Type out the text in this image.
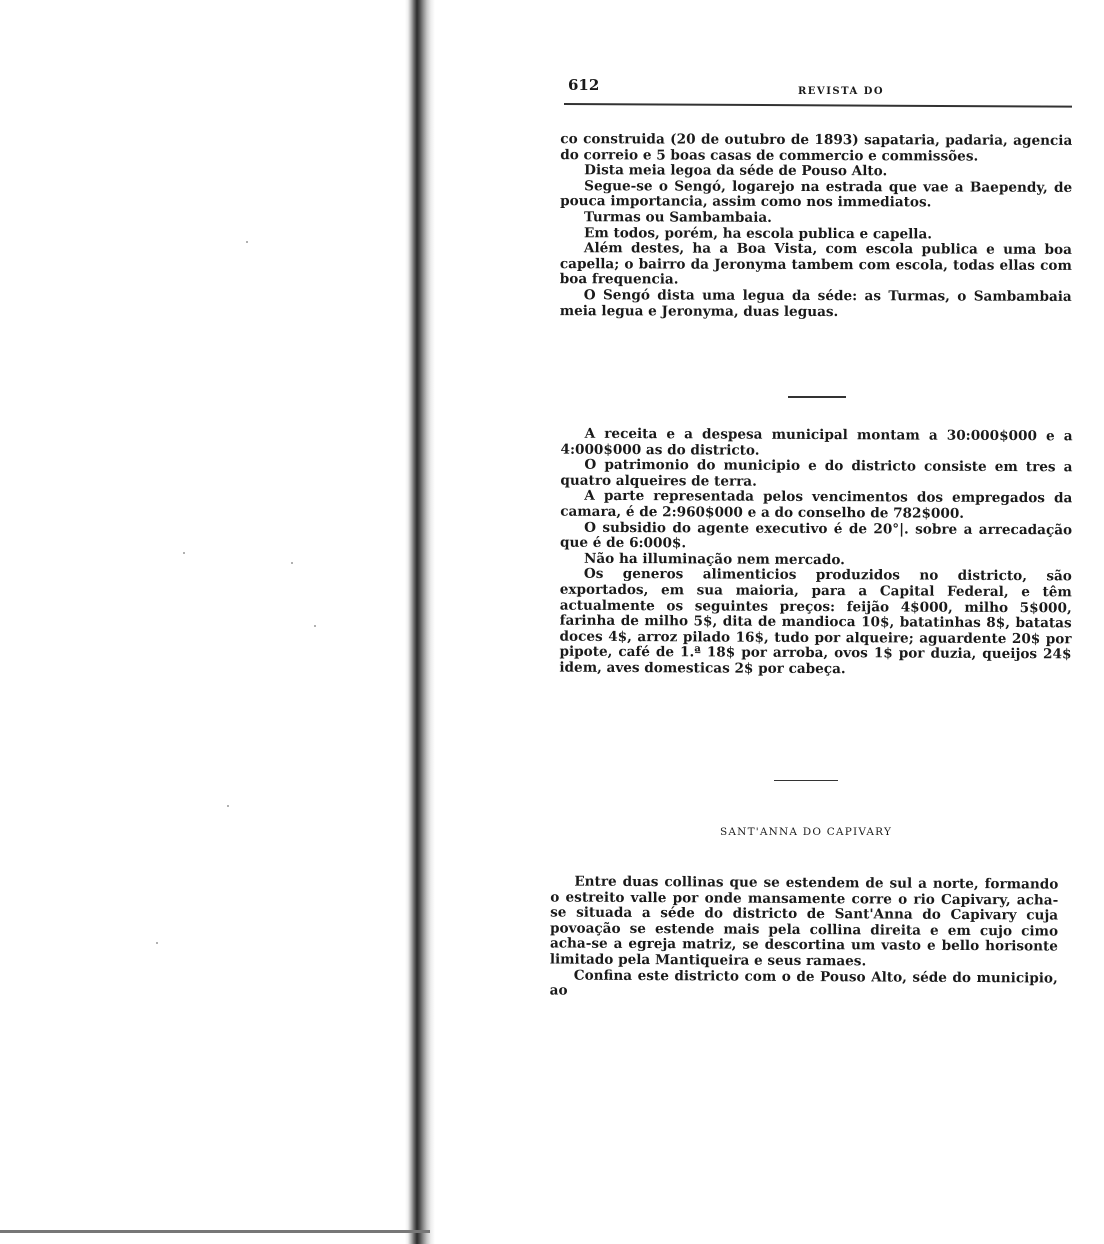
612	REVISTA DO

co construida (20 de outubro de 1893) sapataria, padaria, agencia do correio e 5 boas casas de commercio e commissões.

Dista meia legoa da séde de Pouso Alto.

Segue-se o Sengó, logarejo na estrada que vae a Baependy, de pouca importancia, assim como nos immediatos.

Turmas ou Sambambaia.

Em todos, porém, ha escola publica e capella.

Além destes, ha a Boa Vista, com escola publica e uma boa capella; o bairro da Jeronyma tambem com escola, todas ellas com boa frequencia.

O Sengó dista uma legua da séde: as Turmas, o Sambambaia meia legua e Jeronyma, duas leguas.

A receita e a despesa municipal montam a 30:000$000 e a 4:000$000 as do districto.

O patrimonio do municipio e do districto consiste em tres a quatro alqueires de terra.

A parte representada pelos vencimentos dos empregados da camara, é de 2:960$000 e a do conselho de 782$000.

O subsidio do agente executivo é de 20°|. sobre a arrecadação que é de 6:000$.

Não ha illuminação nem mercado.

Os generos alimenticios produzidos no districto, são exportados, em sua maioria, para a Capital Federal, e têm actualmente os seguintes preços: feijão 4$000, milho 5$000, farinha de milho 5$, dita de mandioca 10$, batatinhas 8$, batatas doces 4$, arroz pilado 16$, tudo por alqueire; aguardente 20$ por pipote, café de 1.ª 18$ por arroba, ovos 1$ por duzia, queijos 24$ idem, aves domesticas 2$ por cabeça.

SANT'ANNA DO CAPIVARY

Entre duas collinas que se estendem de sul a norte, formando o estreito valle por onde mansamente corre o rio Capivary, acha-se situada a séde do districto de Sant'Anna do Capivary cuja povoação se estende mais pela collina direita e em cujo cimo acha-se a egreja matriz, se descortina um vasto e bello horisonte limitado pela Mantiqueira e seus ramaes.

Confina este districto com o de Pouso Alto, séde do municipio, ao
